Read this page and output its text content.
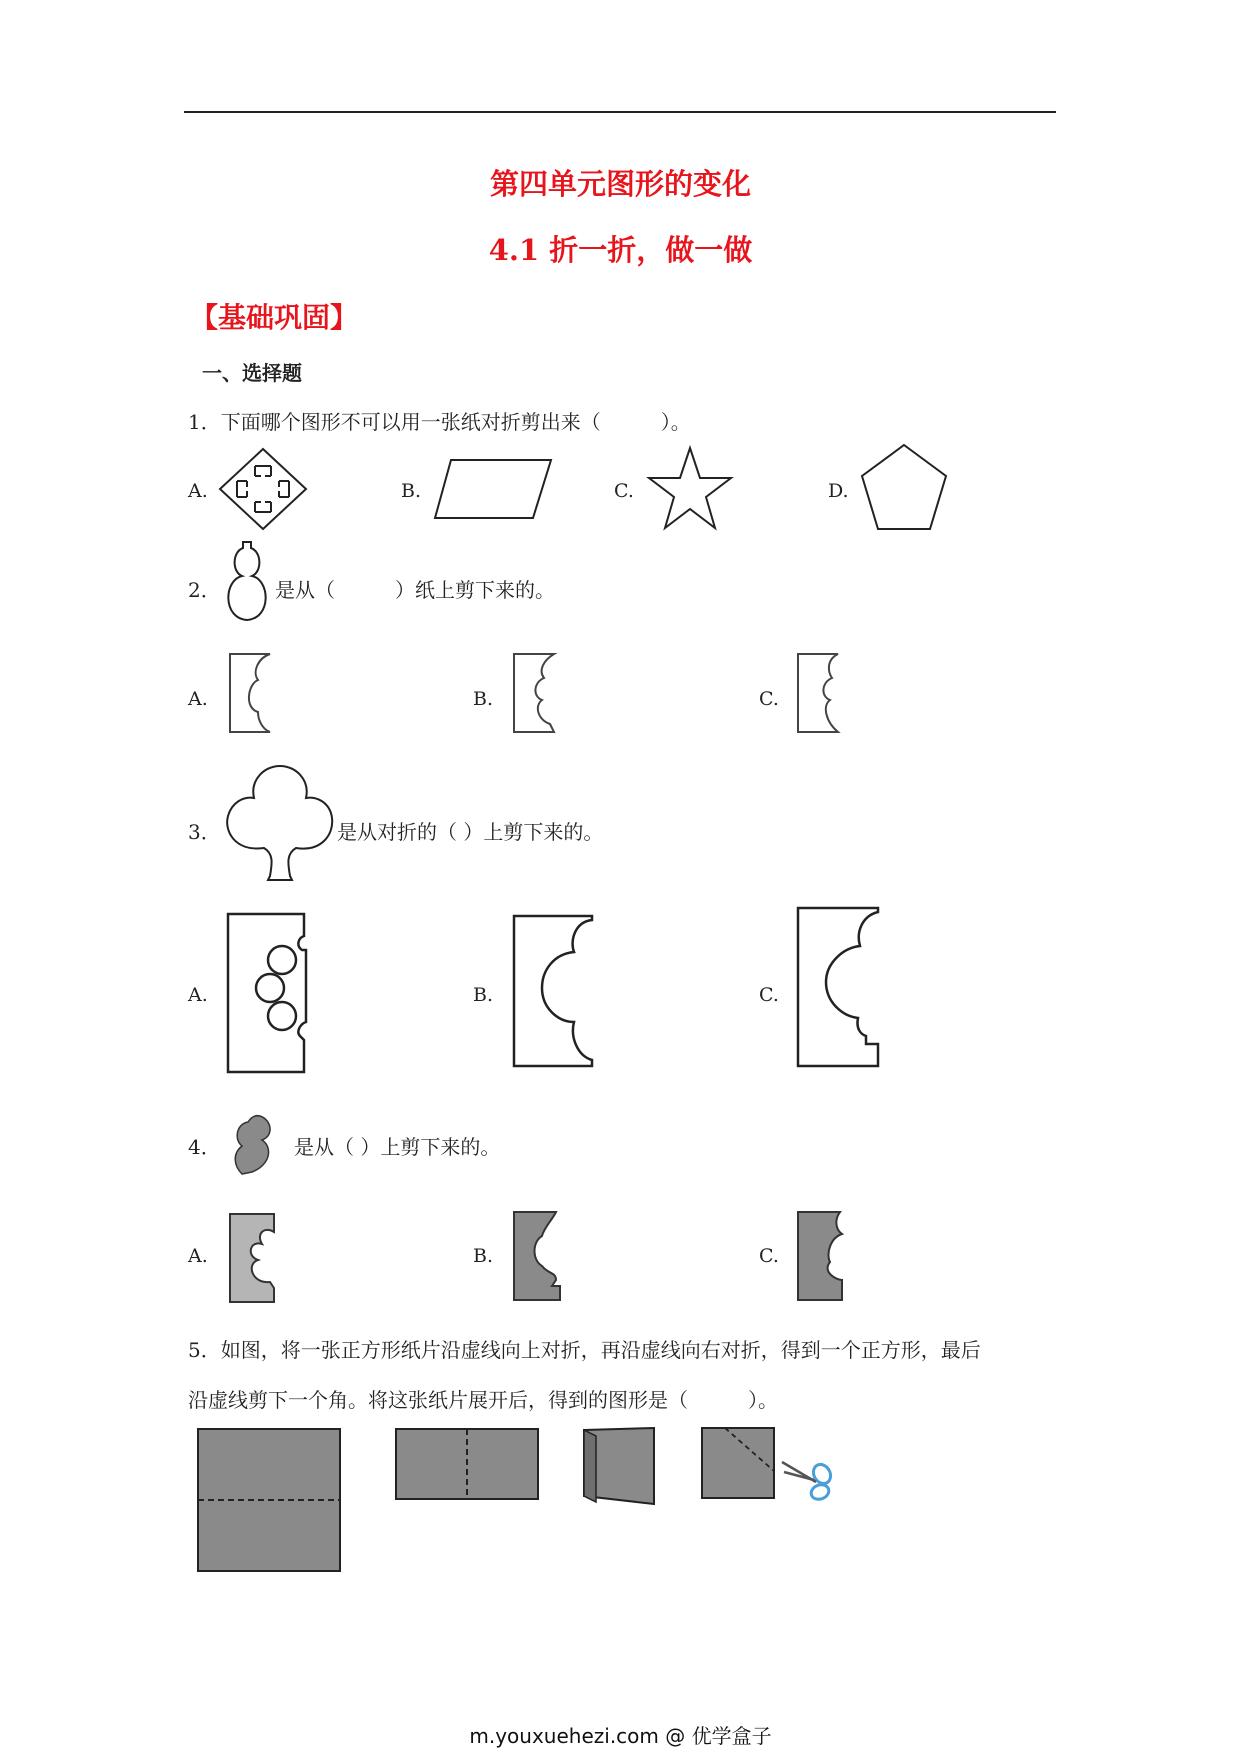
第四单元图形的变化
4.1 折一折，做一做
【基础巩固】
一、选择题
1．下面哪个图形不可以用一张纸对折剪出来（　　　）。
A.	B.	C.	D.
2．	是从（　　　）纸上剪下来的。
A.	B.	C.
3．	是从对折的（ ）上剪下来的。
A.	B.	C.
4．	是从（ ）上剪下来的。
A.	B.	C.
5．如图，将一张正方形纸片沿虚线向上对折，再沿虚线向右对折，得到一个正方形，最后
沿虚线剪下一个角。将这张纸片展开后，得到的图形是（　　　）。
m.youxuehezi.com @ 优学盒子
